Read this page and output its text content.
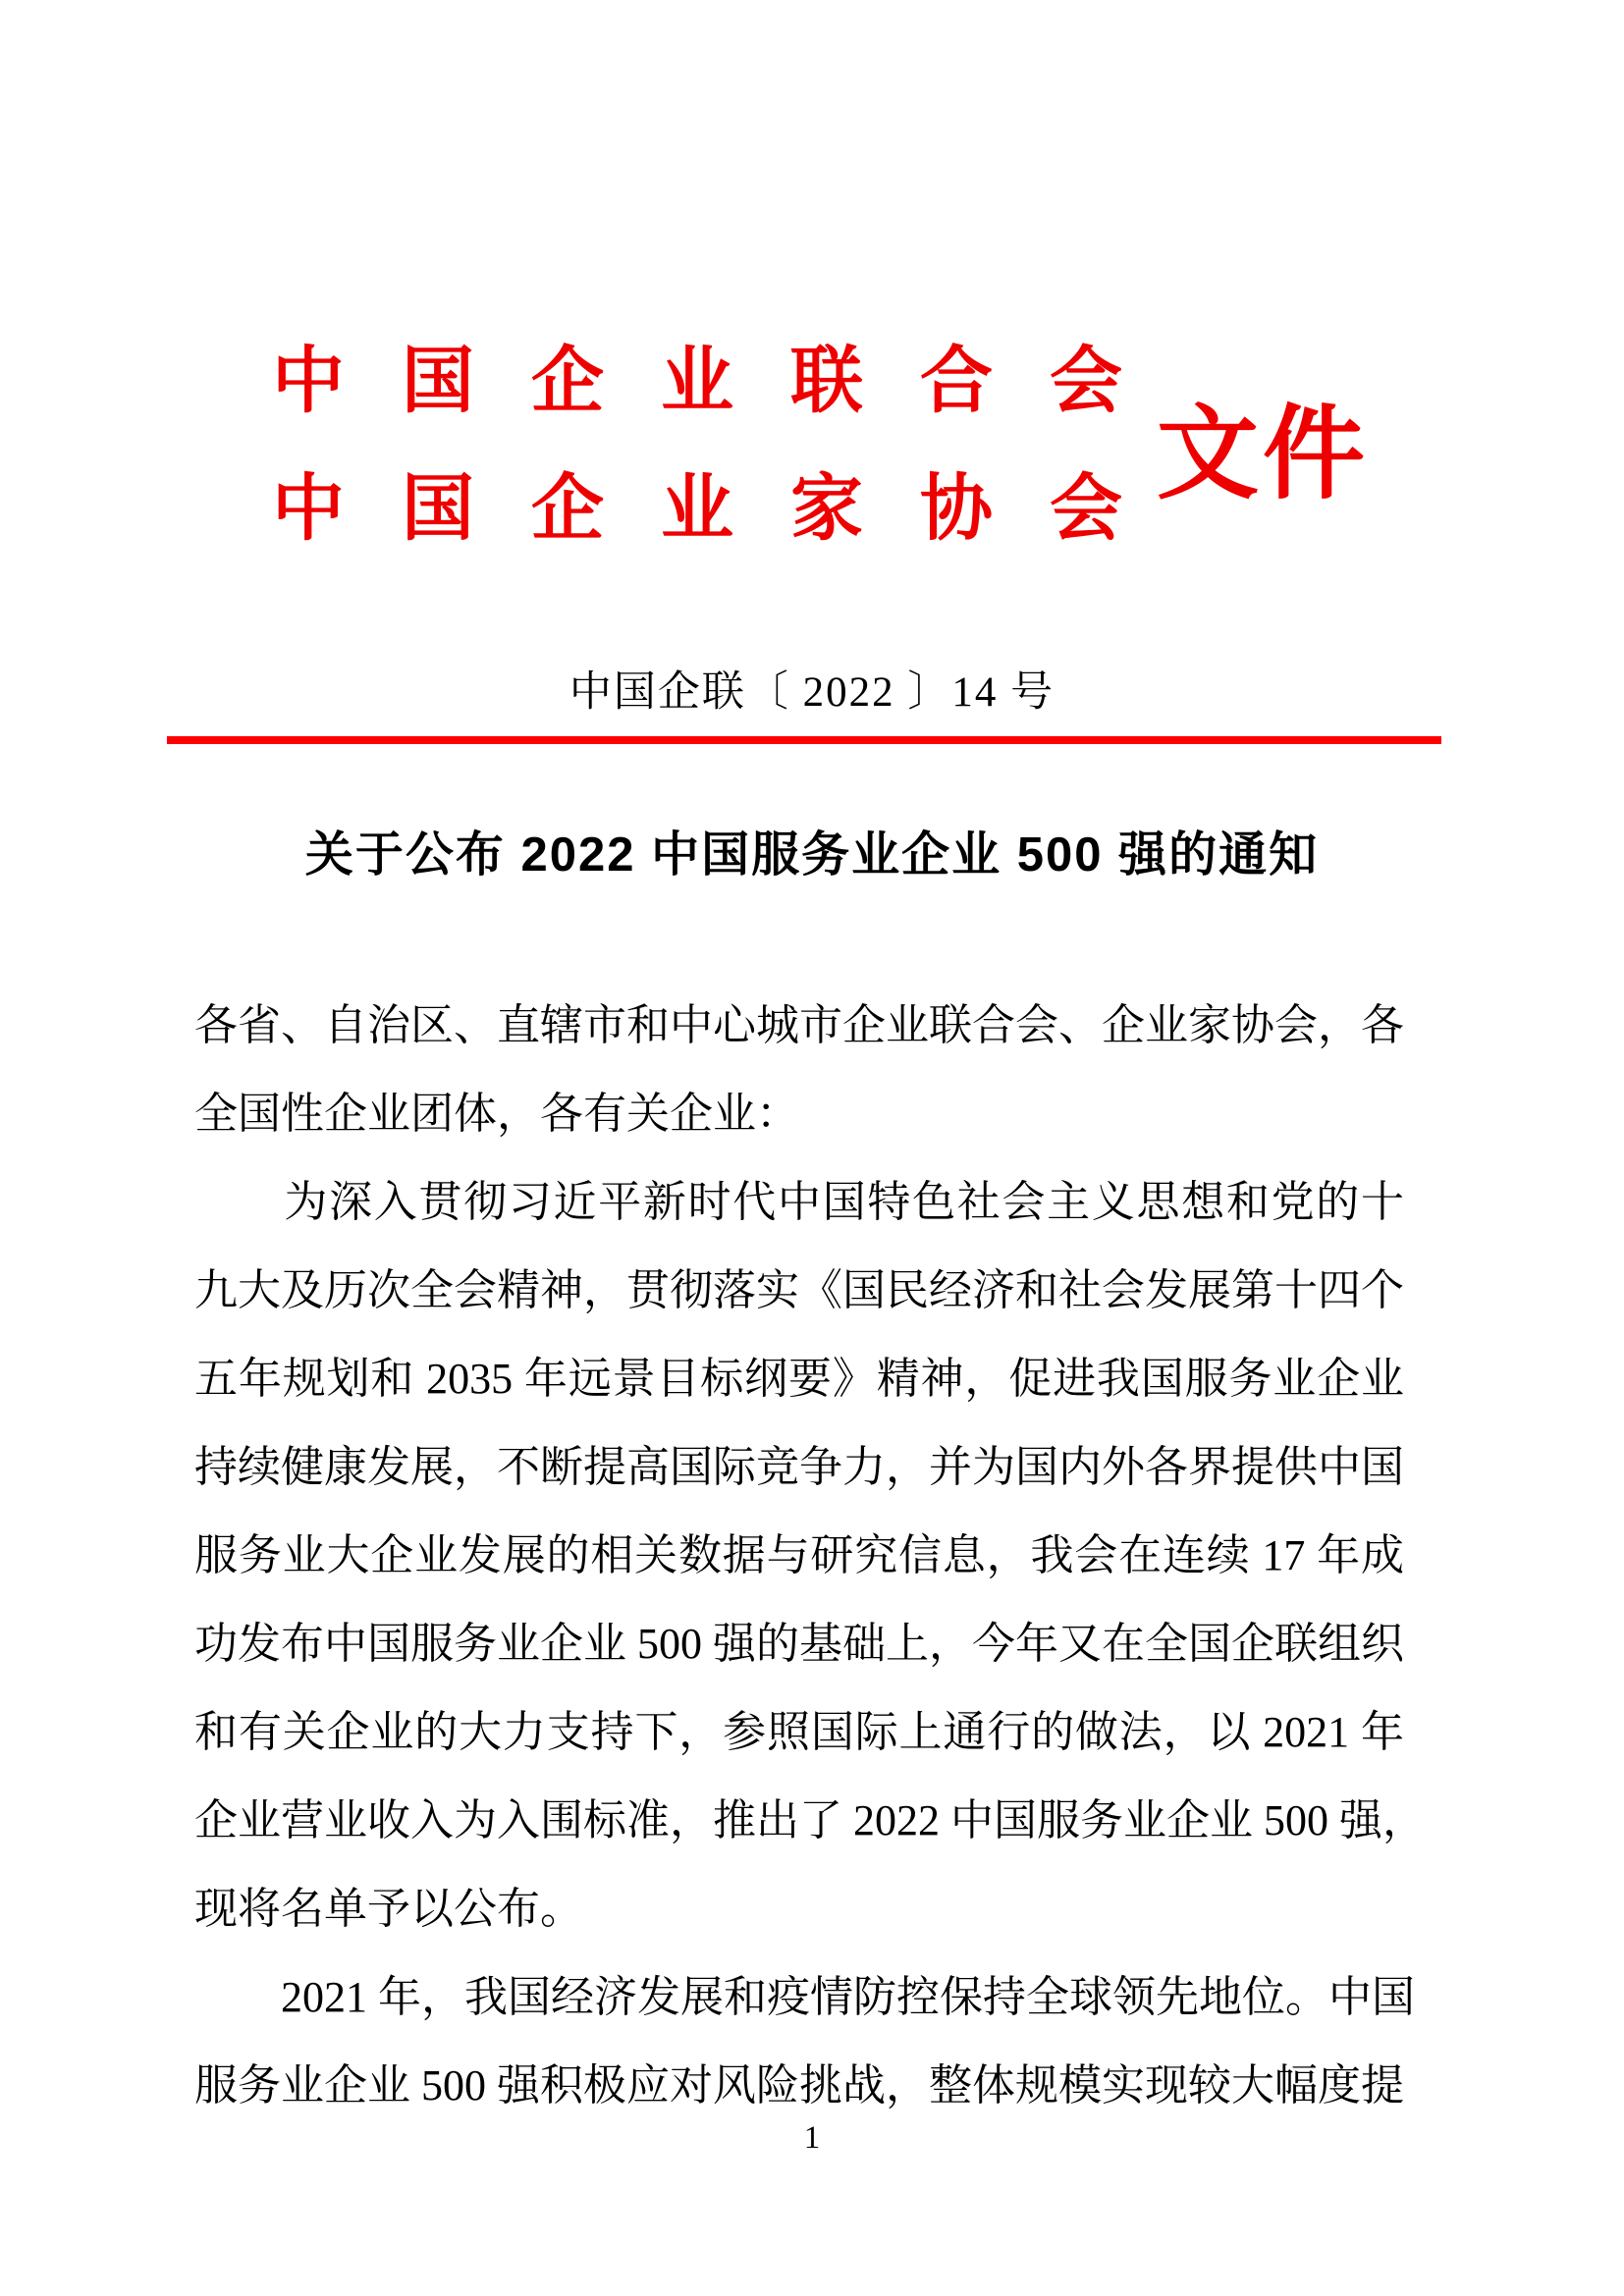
中国企业联合会
中国企业家协会
文件
中国企联〔 2022 〕14 号
关于公布 2022 中国服务业企业 500 强的通知
各省、自治区、直辖市和中心城市企业联合会、企业家协会，各
全国性企业团体，各有关企业：
　　为深入贯彻习近平新时代中国特色社会主义思想和党的十
九大及历次全会精神，贯彻落实《国民经济和社会发展第十四个
五年规划和 2035 年远景目标纲要》精神，促进我国服务业企业
持续健康发展，不断提高国际竞争力，并为国内外各界提供中国
服务业大企业发展的相关数据与研究信息，我会在连续 17 年成
功发布中国服务业企业 500 强的基础上，今年又在全国企联组织
和有关企业的大力支持下，参照国际上通行的做法，以 2021 年
企业营业收入为入围标准，推出了 2022 中国服务业企业 500 强，
现将名单予以公布。
　　2021 年，我国经济发展和疫情防控保持全球领先地位。中国
服务业企业 500 强积极应对风险挑战，整体规模实现较大幅度提
1
